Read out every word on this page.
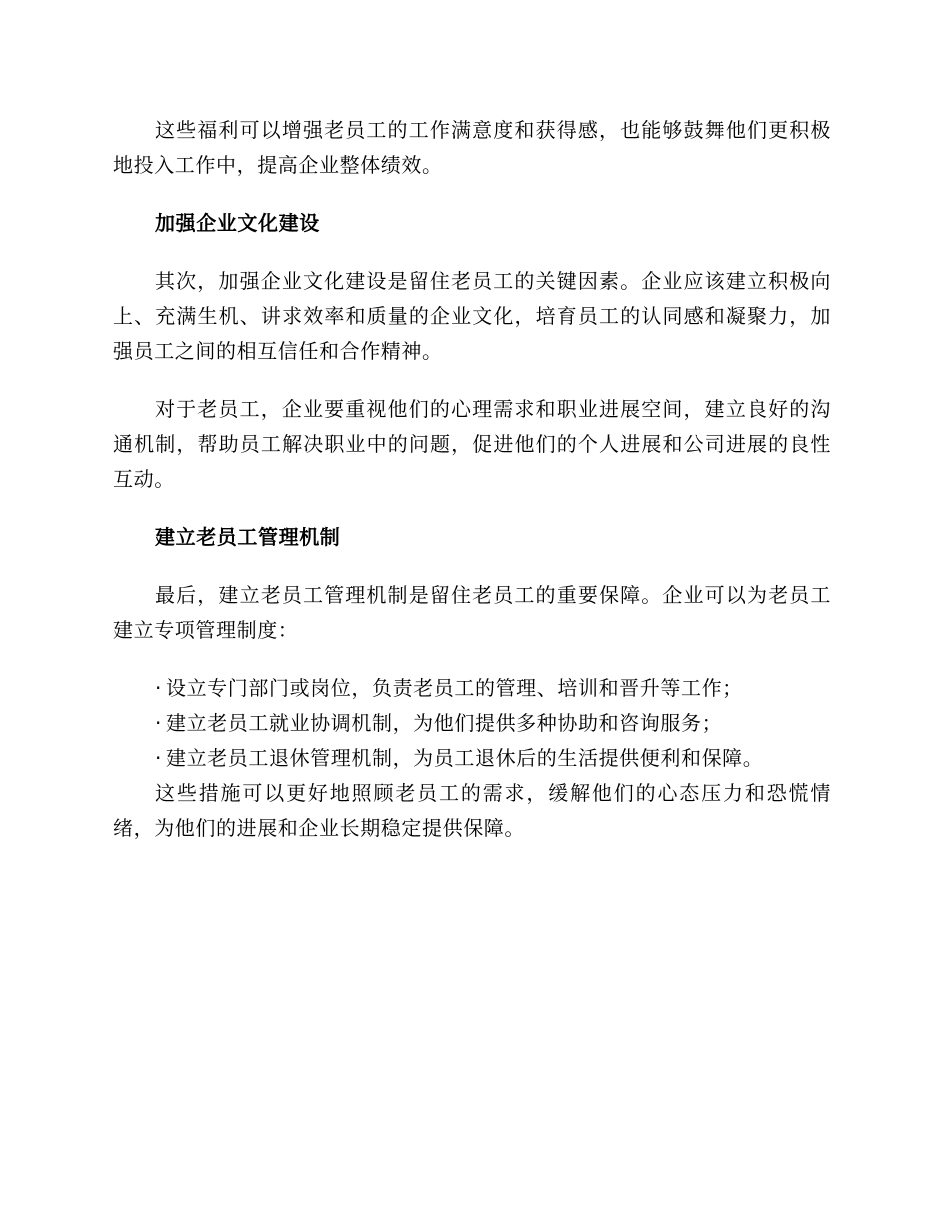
这些福利可以增强老员工的工作满意度和获得感，也能够鼓舞他们更积极地投入工作中，提高企业整体绩效。

加强企业文化建设

其次，加强企业文化建设是留住老员工的关键因素。企业应该建立积极向上、充满生机、讲求效率和质量的企业文化，培育员工的认同感和凝聚力，加强员工之间的相互信任和合作精神。

对于老员工，企业要重视他们的心理需求和职业进展空间，建立良好的沟通机制，帮助员工解决职业中的问题，促进他们的个人进展和公司进展的良性互动。

建立老员工管理机制

最后，建立老员工管理机制是留住老员工的重要保障。企业可以为老员工建立专项管理制度：

· 设立专门部门或岗位，负责老员工的管理、培训和晋升等工作；

· 建立老员工就业协调机制，为他们提供多种协助和咨询服务；

· 建立老员工退休管理机制，为员工退休后的生活提供便利和保障。

这些措施可以更好地照顾老员工的需求，缓解他们的心态压力和恐慌情绪，为他们的进展和企业长期稳定提供保障。
